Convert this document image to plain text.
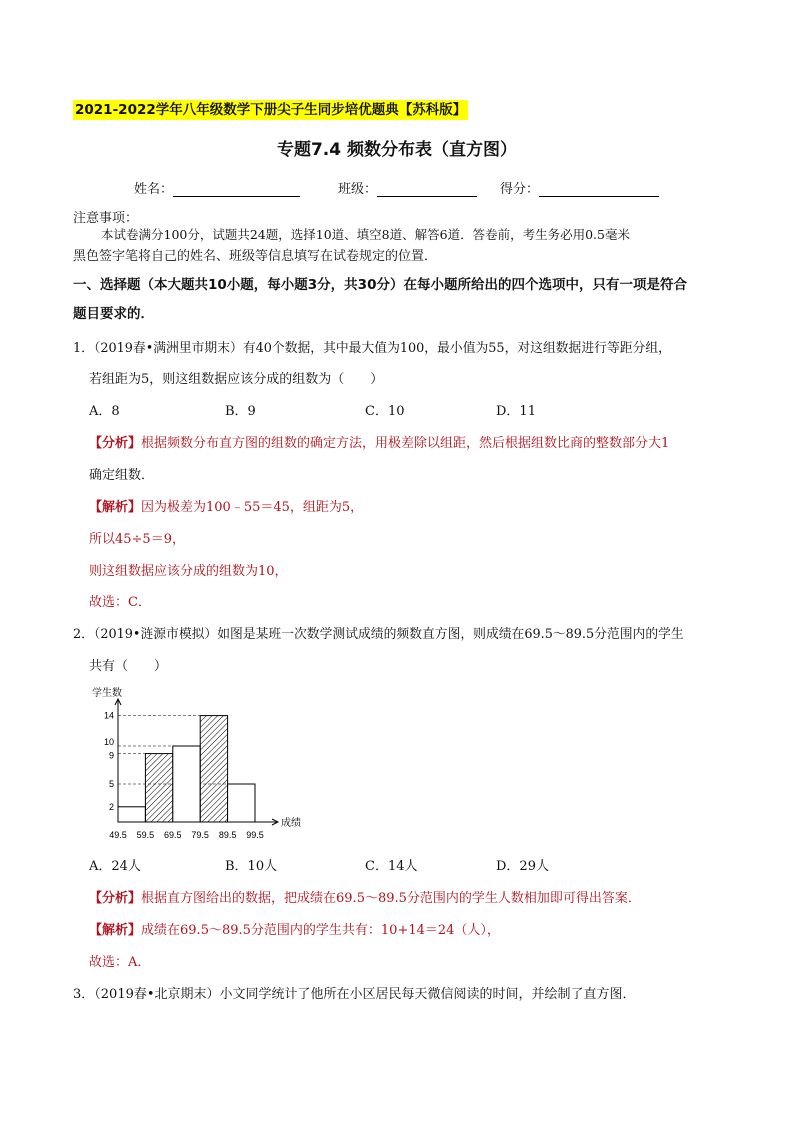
2021-2022学年八年级数学下册尖子生同步培优题典【苏科版】
专题7.4 频数分布表（直方图）
姓名：	班级：	得分：
注意事项：
本试卷满分100分，试题共24题，选择10道、填空8道、解答6道．答卷前，考生务必用0.5毫米
黑色签字笔将自己的姓名、班级等信息填写在试卷规定的位置．
一、选择题（本大题共10小题，每小题3分，共30分）在每小题所给出的四个选项中，只有一项是符合
题目要求的．
1．（2019春•满洲里市期末）有40个数据，其中最大值为100，最小值为55，对这组数据进行等距分组，
若组距为5，则这组数据应该分成的组数为（　　）
A．8	B．9	C．10	D．11
【分析】根据频数分布直方图的组数的确定方法，用极差除以组距，然后根据组数比商的整数部分大1
确定组数．
【解析】因为极差为100﹣55＝45，组距为5，
所以45÷5＝9，
则这组数据应该分成的组数为10，
故选：C．
2．（2019•涟源市模拟）如图是某班一次数学测试成绩的频数直方图，则成绩在69.5～89.5分范围内的学生
共有（　　）
学生数
成绩
2
5
9
10
14
49.5 59.5 69.5 79.5 89.5 99.5
A．24人	B．10人	C．14人	D．29人
【分析】根据直方图给出的数据，把成绩在69.5～89.5分范围内的学生人数相加即可得出答案．
【解析】成绩在69.5～89.5分范围内的学生共有：10+14＝24（人），
故选：A．
3．（2019春•北京期末）小文同学统计了他所在小区居民每天微信阅读的时间，并绘制了直方图．
